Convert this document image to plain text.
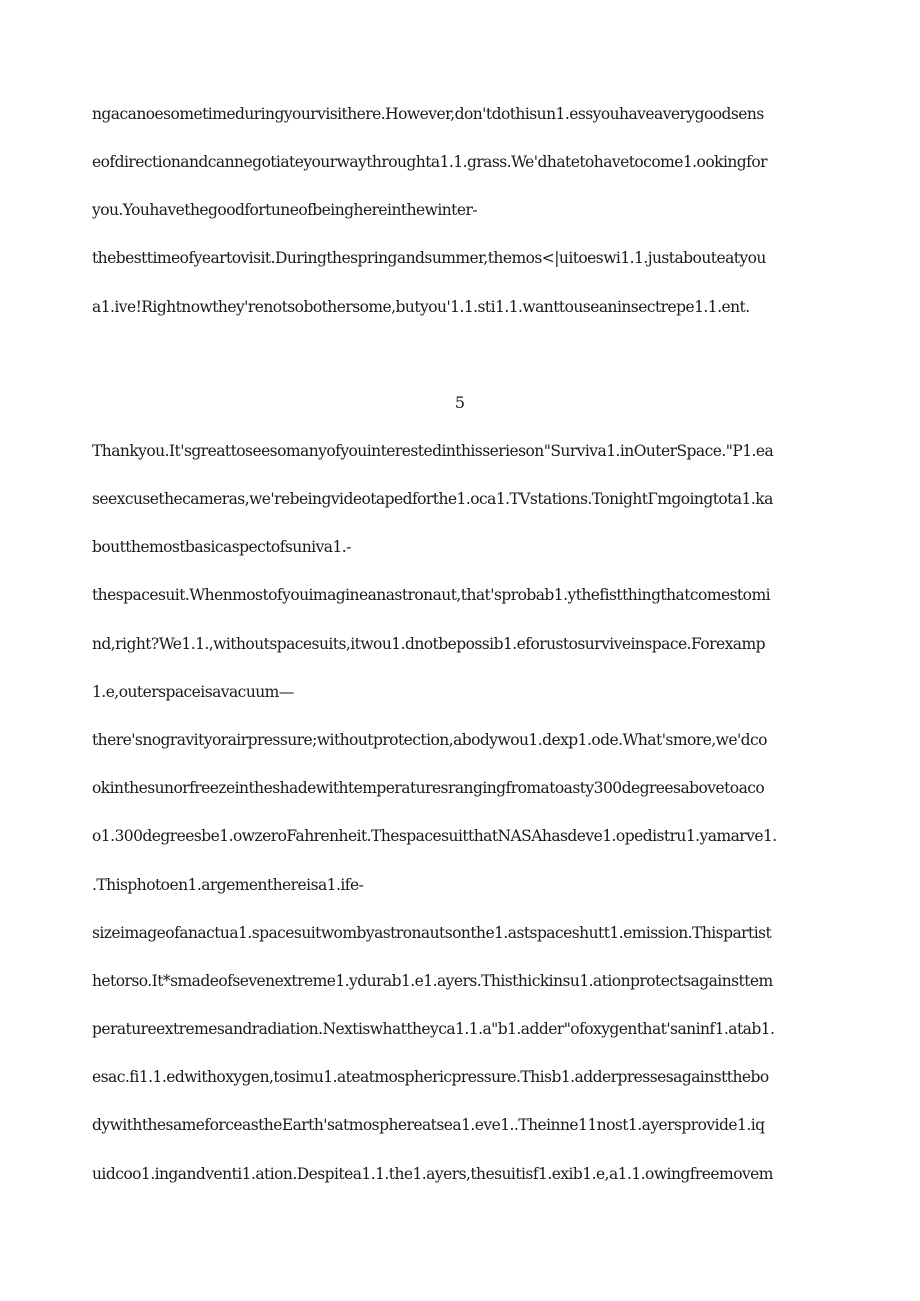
ngacanoesometimeduringyourvisithere.However,don'tdothisun1.essyouhaveaverygoodsens
eofdirectionandcannegotiateyourwaythroughta1.1.grass.We'dhatetohavetocome1.ookingfor
you.Youhavethegoodfortuneofbeinghereinthewinter-
thebesttimeofyeartovisit.Duringthespringandsummer,themos<|uitoeswi1.1.justabouteatyou
a1.ive!Rightnowthey'renotsobothersome,butyou'1.1.sti1.1.wanttouseaninsectrepe1.1.ent.
5
Thankyou.It'sgreattoseesomanyofyouinterestedinthisserieson"Surviva1.inOuterSpace."P1.ea
seexcusethecameras,we'rebeingvideotapedforthe1.oca1.TVstations.TonightГmgoingtota1.ka
boutthemostbasicaspectofsuniva1.-
thespacesuit.Whenmostofyouimagineanastronaut,that'sprobab1.ythefistthingthatcomestomi
nd,right?We1.1.,withoutspacesuits,itwou1.dnotbepossib1.eforustosurviveinspace.Forexamp
1.e,outerspaceisavacuum—
there'snogravityorairpressure;withoutprotection,abodywou1.dexp1.ode.What'smore,we'dco
okinthesunorfreezeintheshadewithtemperaturesrangingfromatoasty300degreesabovetoaco
o1.300degreesbe1.owzeroFahrenheit.ThespacesuitthatNASAhasdeve1.opedistru1.yamarve1.
.Thisphotoen1.argementhereisa1.ife-
sizeimageofanactua1.spacesuitwombyastronautsonthe1.astspaceshutt1.emission.Thispartist
hetorso.It*smadeofsevenextreme1.ydurab1.e1.ayers.Thisthickinsu1.ationprotectsagainsttem
peratureextremesandradiation.Nextiswhattheyca1.1.a"b1.adder"ofoxygenthat'saninf1.atab1.
esac.fi1.1.edwithoxygen,tosimu1.ateatmosphericpressure.Thisb1.adderpressesagainstthebo
dywiththesameforceastheEarth'satmosphereatsea1.eve1..Theinne11nost1.ayersprovide1.iq
uidcoo1.ingandventi1.ation.Despitea1.1.the1.ayers,thesuitisf1.exib1.e,a1.1.owingfreemovem
